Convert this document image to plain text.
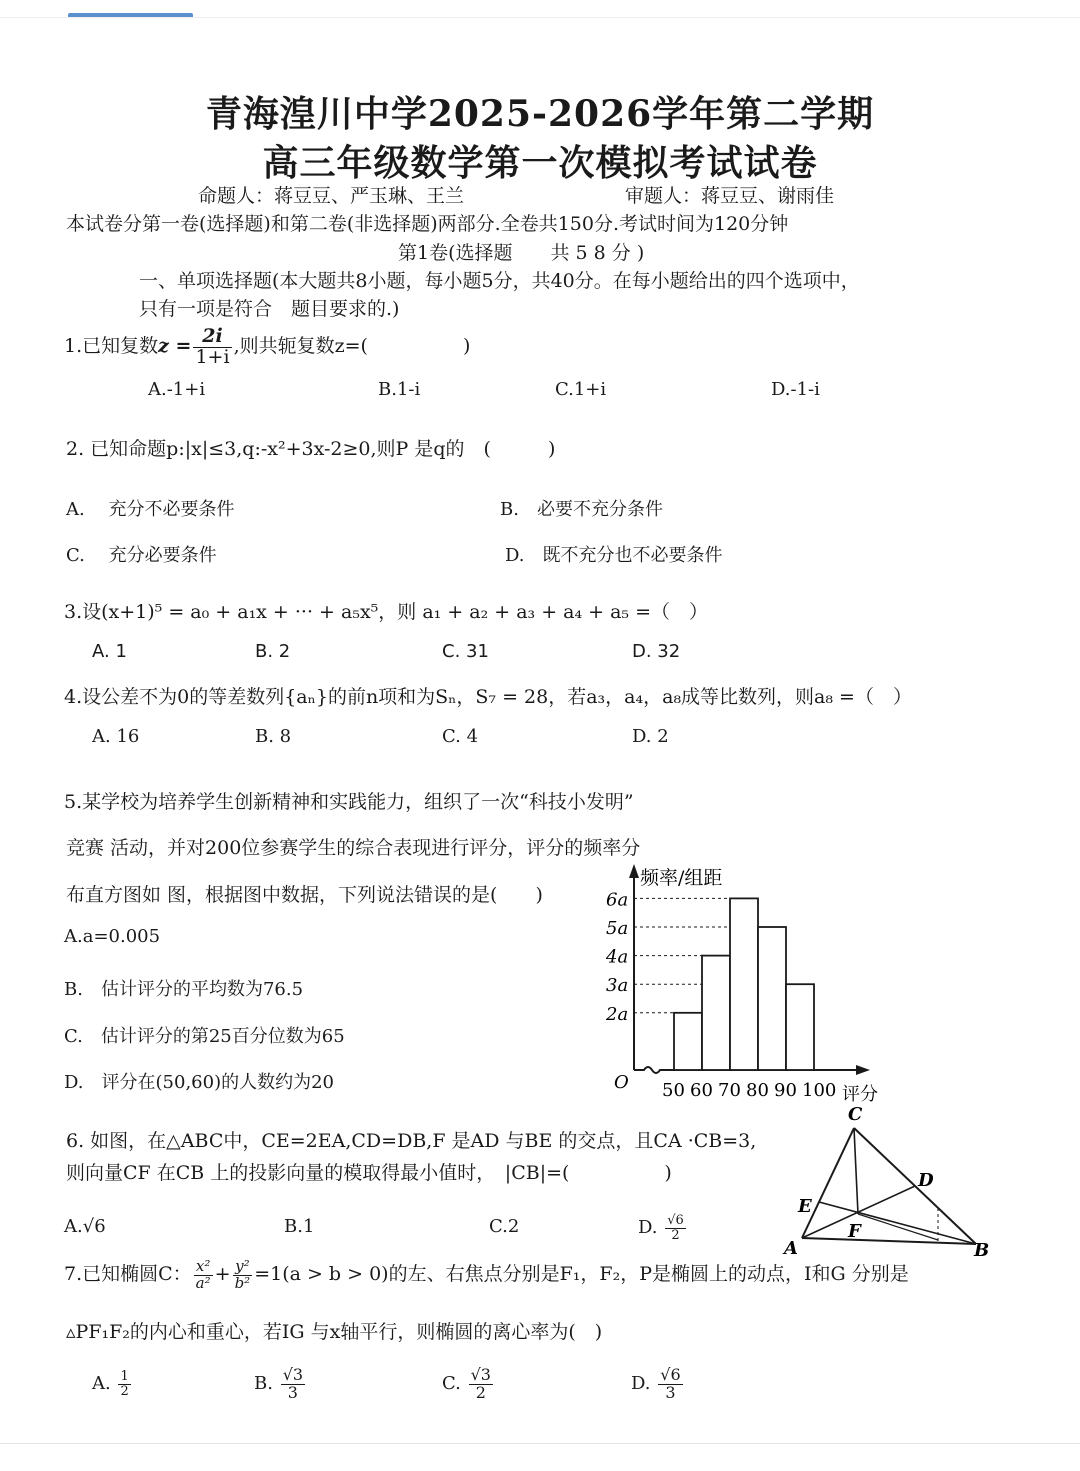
青海湟川中学2025-2026学年第二学期
高三年级数学第一次模拟考试试卷
命题人：蒋豆豆、严玉琳、王兰	审题人：蒋豆豆、谢雨佳
本试卷分第一卷(选择题)和第二卷(非选择题)两部分.全卷共150分.考试时间为120分钟
第1卷(选择题　　共 5 8 分 )
一、单项选择题(本大题共8小题，每小题5分，共40分。在每小题给出的四个选项中，
只有一项是符合　题目要求的.)
1.已知复数$z = \frac{2i}{1+i}$ ,则共轭复数z=(　　　　　)
A.-1+i	B.1-i	C.1+i	D.-1-i
2. 已知命题p:|x|≤3,q:-x²+3x-2≥0,则P 是q的　(　　　)
A.　 充分不必要条件	B.　必要不充分条件
C.　 充分必要条件	D.　既不充分也不必要条件
3.设(x+1)⁵ = a₀ + a₁x + ··· + a₅x⁵，则 a₁ + a₂ + a₃ + a₄ + a₅ =（　）
A. 1	B. 2	C. 31	D. 32
4.设公差不为0的等差数列{aₙ}的前n项和为Sₙ，S₇ = 28，若a₃，a₄，a₈成等比数列，则a₈ =（　）
A. 16	B. 8	C. 4	D. 2
5.某学校为培养学生创新精神和实践能力，组织了一次“科技小发明”
竞赛 活动，并对200位参赛学生的综合表现进行评分，评分的频率分
布直方图如 图，根据图中数据，下列说法错误的是(　　)
A.a=0.005
B.　估计评分的平均数为76.5
C.　估计评分的第25百分位数为65
D.　评分在(50,60)的人数约为20
2a
3a
4a
5a
6a
50 60 70 80 90 100
O
频率/组距
评分
6. 如图，在△ABC中，CE=2EA,CD=DB,F 是AD 与BE 的交点，且CA ·CB=3,
则向量CF 在CB 上的投影向量的模取得最小值时，　|CB|=(　　　　　)
A.√6	B.1	C.2	D. $\frac{√6}{2}$
C
D
E
F
A	B
7.已知椭圆C： $\frac{\text{x²}}{\text{a²}} + \frac{\text{y²}}{\text{b²}} =1(a > b > 0)$的左、右焦点分别是F₁，F₂，P是椭圆上的动点，I和G 分别是
▵PF₁F₂的内心和重心，若IG 与x轴平行，则椭圆的离心率为(　)
A. $\frac{1}{2}$	B. $\frac{√3}{3}$	C. $\frac{√3}{2}$	D. $\frac{√6}{3}$
